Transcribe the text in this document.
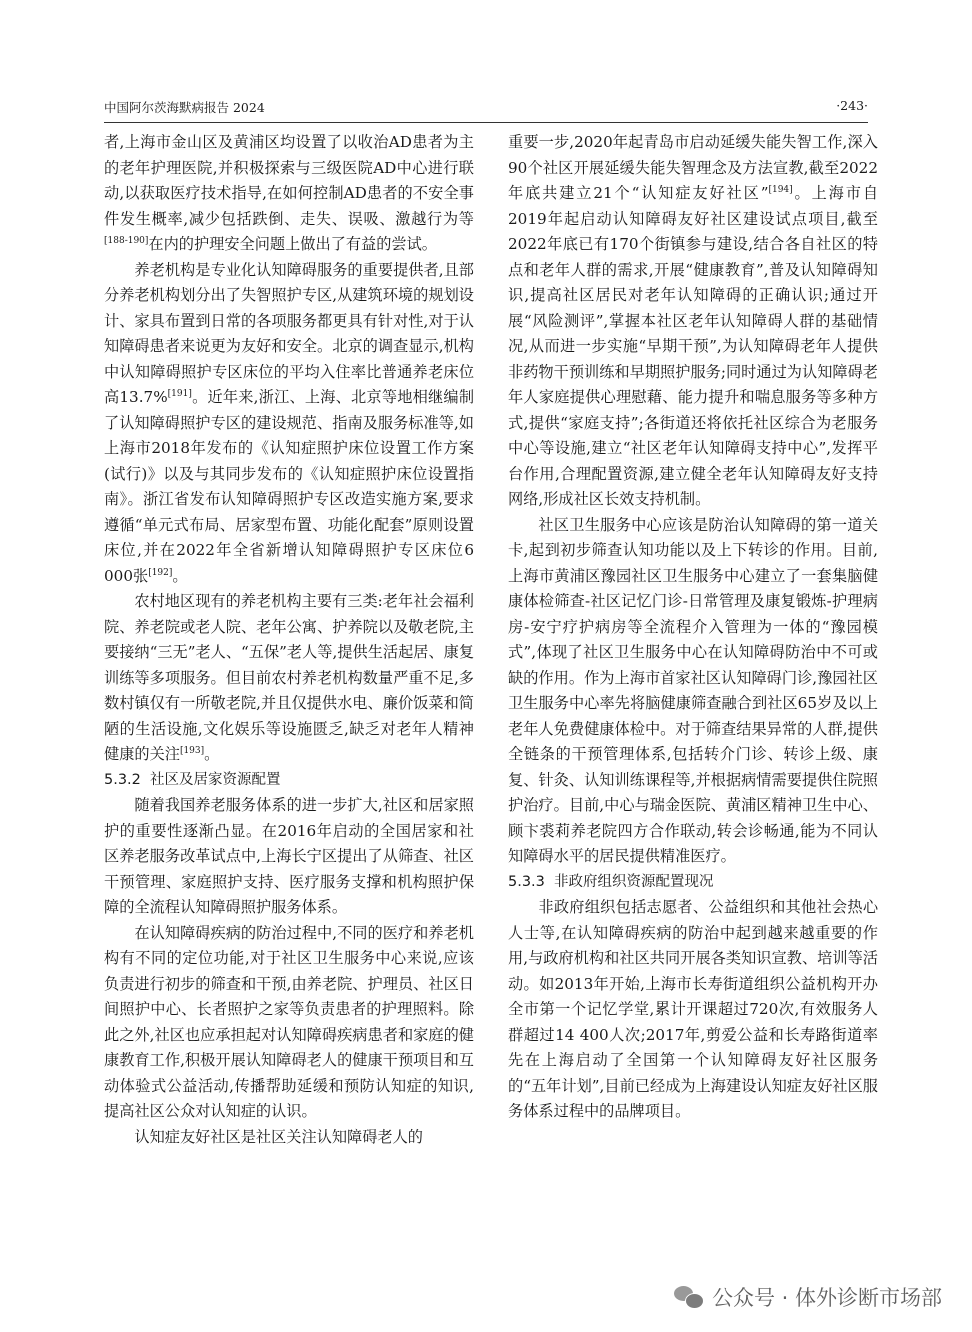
中国阿尔茨海默病报告 2024	·243·

者,上海市金山区及黄浦区均设置了以收治AD患者为主的老年护理医院,并积极探索与三级医院AD中心进行联动,以获取医疗技术指导,在如何控制AD患者的不安全事件发生概率,减少包括跌倒、走失、误吸、激越行为等[188-190]在内的护理安全问题上做出了有益的尝试。

养老机构是专业化认知障碍服务的重要提供者,且部分养老机构划分出了失智照护专区,从建筑环境的规划设计、家具布置到日常的各项服务都更具有针对性,对于认知障碍患者来说更为友好和安全。北京的调查显示,机构中认知障碍照护专区床位的平均入住率比普通养老床位高13.7%[191]。近年来,浙江、上海、北京等地相继编制了认知障碍照护专区的建设规范、指南及服务标准等,如上海市2018年发布的《认知症照护床位设置工作方案(试行)》以及与其同步发布的《认知症照护床位设置指南》。浙江省发布认知障碍照护专区改造实施方案,要求遵循“单元式布局、居家型布置、功能化配套”原则设置床位,并在2022年全省新增认知障碍照护专区床位6 000张[192]。

农村地区现有的养老机构主要有三类:老年社会福利院、养老院或老人院、老年公寓、护养院以及敬老院,主要接纳“三无”老人、“五保”老人等,提供生活起居、康复训练等多项服务。但目前农村养老机构数量严重不足,多数村镇仅有一所敬老院,并且仅提供水电、廉价饭菜和简陋的生活设施,文化娱乐等设施匮乏,缺乏对老年人精神健康的关注[193]。

5.3.2 社区及居家资源配置

随着我国养老服务体系的进一步扩大,社区和居家照护的重要性逐渐凸显。在2016年启动的全国居家和社区养老服务改革试点中,上海长宁区提出了从筛查、社区干预管理、家庭照护支持、医疗服务支撑和机构照护保障的全流程认知障碍照护服务体系。

在认知障碍疾病的防治过程中,不同的医疗和养老机构有不同的定位功能,对于社区卫生服务中心来说,应该负责进行初步的筛查和干预,由养老院、护理员、社区日间照护中心、长者照护之家等负责患者的护理照料。除此之外,社区也应承担起对认知障碍疾病患者和家庭的健康教育工作,积极开展认知障碍老人的健康干预项目和互动体验式公益活动,传播帮助延缓和预防认知症的知识,提高社区公众对认知症的认识。

认知症友好社区是社区关注认知障碍老人的

重要一步,2020年起青岛市启动延缓失能失智工作,深入90个社区开展延缓失能失智理念及方法宣教,截至2022年底共建立21个“认知症友好社区”[194]。上海市自2019年起启动认知障碍友好社区建设试点项目,截至2022年底已有170个街镇参与建设,结合各自社区的特点和老年人群的需求,开展“健康教育”,普及认知障碍知识,提高社区居民对老年认知障碍的正确认识;通过开展“风险测评”,掌握本社区老年认知障碍人群的基础情况,从而进一步实施“早期干预”,为认知障碍老年人提供非药物干预训练和早期照护服务;同时通过为认知障碍老年人家庭提供心理慰藉、能力提升和喘息服务等多种方式,提供“家庭支持”;各街道还将依托社区综合为老服务中心等设施,建立“社区老年认知障碍支持中心”,发挥平台作用,合理配置资源,建立健全老年认知障碍友好支持网络,形成社区长效支持机制。

社区卫生服务中心应该是防治认知障碍的第一道关卡,起到初步筛查认知功能以及上下转诊的作用。目前,上海市黄浦区豫园社区卫生服务中心建立了一套集脑健康体检筛查-社区记忆门诊-日常管理及康复锻炼-护理病房-安宁疗护病房等全流程介入管理为一体的“豫园模式”,体现了社区卫生服务中心在认知障碍防治中不可或缺的作用。作为上海市首家社区认知障碍门诊,豫园社区卫生服务中心率先将脑健康筛查融合到社区65岁及以上老年人免费健康体检中。对于筛查结果异常的人群,提供全链条的干预管理体系,包括转介门诊、转诊上级、康复、针灸、认知训练课程等,并根据病情需要提供住院照护治疗。目前,中心与瑞金医院、黄浦区精神卫生中心、顾卞裘莉养老院四方合作联动,转会诊畅通,能为不同认知障碍水平的居民提供精准医疗。

5.3.3 非政府组织资源配置现况

非政府组织包括志愿者、公益组织和其他社会热心人士等,在认知障碍疾病的防治中起到越来越重要的作用,与政府机构和社区共同开展各类知识宣教、培训等活动。如2013年开始,上海市长寿街道组织公益机构开办全市第一个记忆学堂,累计开课超过720次,有效服务人群超过14 400人次;2017年,剪爱公益和长寿路街道率先在上海启动了全国第一个认知障碍友好社区服务的“五年计划”,目前已经成为上海建设认知症友好社区服务体系过程中的品牌项目。

公众号 · 体外诊断市场部
